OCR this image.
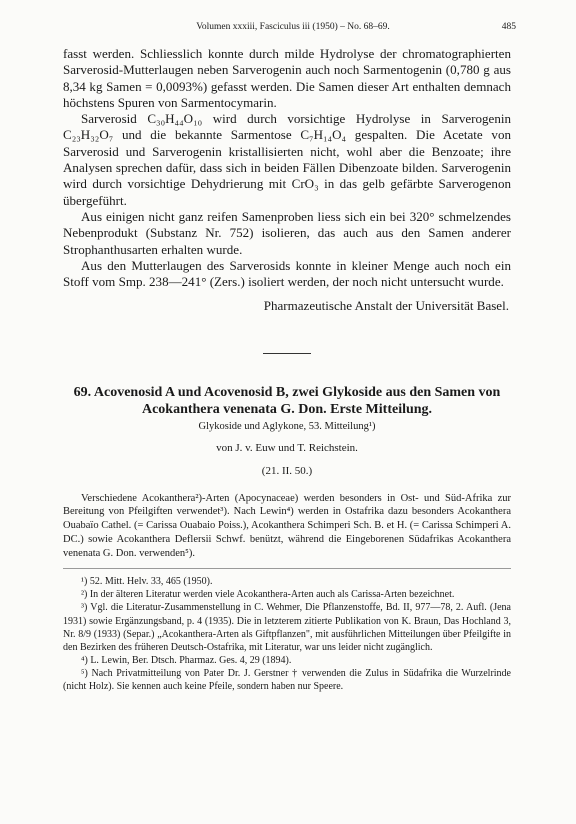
Volumen xxxiii, Fasciculus iii (1950) – No. 68–69.	485

fasst werden. Schliesslich konnte durch milde Hydrolyse der chromatographierten Sarverosid-Mutterlaugen neben Sarverogenin auch noch Sarmentogenin (0,780 g aus 8,34 kg Samen = 0,0093%) gefasst werden. Die Samen dieser Art enthalten demnach höchstens Spuren von Sarmentocymarin.

Sarverosid C₃₀H₄₄O₁₀ wird durch vorsichtige Hydrolyse in Sarverogenin C₂₃H₃₂O₇ und die bekannte Sarmentose C₇H₁₄O₄ gespalten. Die Acetate von Sarverosid und Sarverogenin kristallisierten nicht, wohl aber die Benzoate; ihre Analysen sprechen dafür, dass sich in beiden Fällen Dibenzoate bilden. Sarverogenin wird durch vorsichtige Dehydrierung mit CrO₃ in das gelb gefärbte Sarverogenon übergeführt.

Aus einigen nicht ganz reifen Samenproben liess sich ein bei 320° schmelzendes Nebenprodukt (Substanz Nr. 752) isolieren, das auch aus den Samen anderer Strophanthusarten erhalten wurde.

Aus den Mutterlaugen des Sarverosids konnte in kleiner Menge auch noch ein Stoff vom Smp. 238—241° (Zers.) isoliert werden, der noch nicht untersucht wurde.

Pharmazeutische Anstalt der Universität Basel.

69. Acovenosid A und Acovenosid B, zwei Glykoside aus den Samen von Acokanthera venenata G. Don. Erste Mitteilung.
Glykoside und Aglykone, 53. Mitteilung¹)
von J. v. Euw und T. Reichstein.
(21. II. 50.)

Verschiedene Acokanthera²)-Arten (Apocynaceae) werden besonders in Ost- und Süd-Afrika zur Bereitung von Pfeilgiften verwendet³). Nach Lewin⁴) werden in Ostafrika dazu besonders Acokanthera Ouabaïo Cathel. (= Carissa Ouabaio Poiss.), Acokanthera Schimperi Sch. B. et H. (= Carissa Schimperi A. DC.) sowie Acokanthera Deflersii Schwf. benützt, während die Eingeborenen Südafrikas Acokanthera venenata G. Don. verwenden⁵).

¹) 52. Mitt. Helv. 33, 465 (1950).

²) In der älteren Literatur werden viele Acokanthera-Arten auch als Carissa-Arten bezeichnet.

³) Vgl. die Literatur-Zusammenstellung in C. Wehmer, Die Pflanzenstoffe, Bd. II, 977—78, 2. Aufl. (Jena 1931) sowie Ergänzungsband, p. 4 (1935). Die in letzterem zitierte Publikation von K. Braun, Das Hochland 3, Nr. 8/9 (1933) (Separ.) „Acokanthera-Arten als Giftpflanzen", mit ausführlichen Mitteilungen über Pfeilgifte in den Bezirken des früheren Deutsch-Ostafrika, mit Literatur, war uns leider nicht zugänglich.

⁴) L. Lewin, Ber. Dtsch. Pharmaz. Ges. 4, 29 (1894).

⁵) Nach Privatmitteilung von Pater Dr. J. Gerstner † verwenden die Zulus in Südafrika die Wurzelrinde (nicht Holz). Sie kennen auch keine Pfeile, sondern haben nur Speere.
